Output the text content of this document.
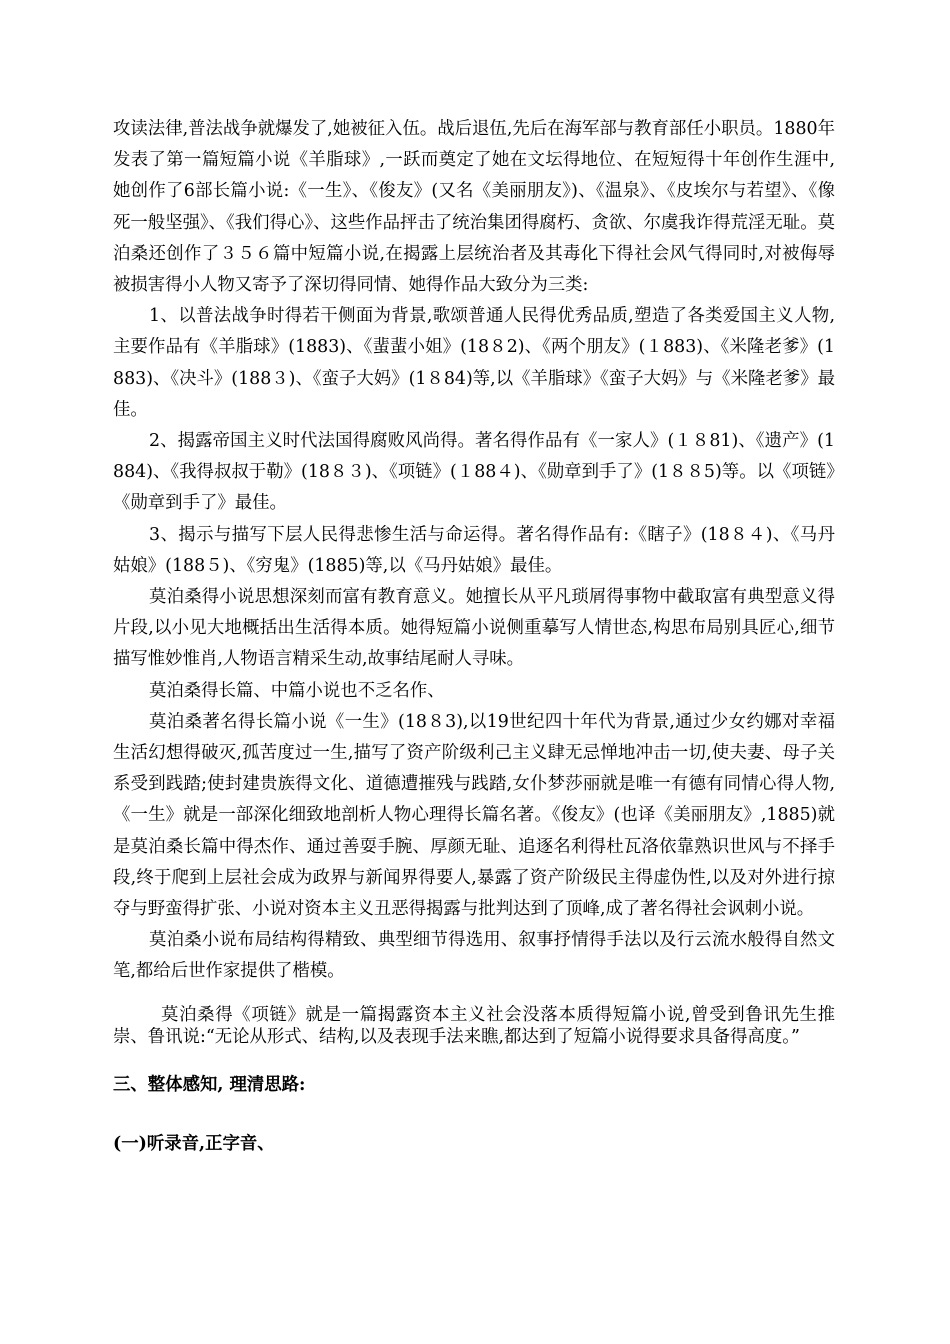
攻读法律,普法战争就爆发了,她被征入伍。战后退伍,先后在海军部与教育部任小职员。1880年发表了第一篇短篇小说《羊脂球》,一跃而奠定了她在文坛得地位、在短短得十年创作生涯中,她创作了6部长篇小说:《一生》、《俊友》(又名《美丽朋友》)、《温泉》、《皮埃尔与若望》、《像死一般坚强》、《我们得心》、这些作品抨击了统治集团得腐朽、贪欲、尔虞我诈得荒淫无耻。莫泊桑还创作了３５６篇中短篇小说,在揭露上层统治者及其毒化下得社会风气得同时,对被侮辱被损害得小人物又寄予了深切得同情、她得作品大致分为三类:

1、以普法战争时得若干侧面为背景,歌颂普通人民得优秀品质,塑造了各类爱国主义人物,主要作品有《羊脂球》(1883)、《蜚蜚小姐》(18８2)、《两个朋友》(１883)、《米隆老爹》(1883)、《决斗》(188３)、《蛮子大妈》(1８84)等,以《羊脂球》《蛮子大妈》与《米隆老爹》最佳。

2、揭露帝国主义时代法国得腐败风尚得。著名得作品有《一家人》(１８81)、《遗产》(1884)、《我得叔叔于勒》(18８３)、《项链》(１88４)、《勋章到手了》(1８８5)等。以《项链》《勋章到手了》最佳。

3、揭示与描写下层人民得悲惨生活与命运得。著名得作品有:《瞎子》(18８４)、《马丹姑娘》(188５)、《穷鬼》(1885)等,以《马丹姑娘》最佳。

莫泊桑得小说思想深刻而富有教育意义。她擅长从平凡琐屑得事物中截取富有典型意义得片段,以小见大地概括出生活得本质。她得短篇小说侧重摹写人情世态,构思布局别具匠心,细节描写惟妙惟肖,人物语言精采生动,故事结尾耐人寻味。

莫泊桑得长篇、中篇小说也不乏名作、

莫泊桑著名得长篇小说《一生》(18８3),以19世纪四十年代为背景,通过少女约娜对幸福生活幻想得破灭,孤苦度过一生,描写了资产阶级利己主义肆无忌惮地冲击一切,使夫妻、母子关系受到践踏;使封建贵族得文化、道德遭摧残与践踏,女仆梦莎丽就是唯一有德有同情心得人物,《一生》就是一部深化细致地剖析人物心理得长篇名著。《俊友》(也译《美丽朋友》,1885)就是莫泊桑长篇中得杰作、通过善耍手腕、厚颜无耻、追逐名利得杜瓦洛依靠熟识世风与不择手段,终于爬到上层社会成为政界与新闻界得要人,暴露了资产阶级民主得虚伪性,以及对外进行掠夺与野蛮得扩张、小说对资本主义丑恶得揭露与批判达到了顶峰,成了著名得社会讽刺小说。

莫泊桑小说布局结构得精致、典型细节得选用、叙事抒情得手法以及行云流水般得自然文笔,都给后世作家提供了楷模。

莫泊桑得《项链》就是一篇揭露资本主义社会没落本质得短篇小说,曾受到鲁讯先生推崇、鲁讯说:“无论从形式、结构,以及表现手法来瞧,都达到了短篇小说得要求具备得高度。”

三、整体感知, 理清思路:

(一)听录音,正字音、
